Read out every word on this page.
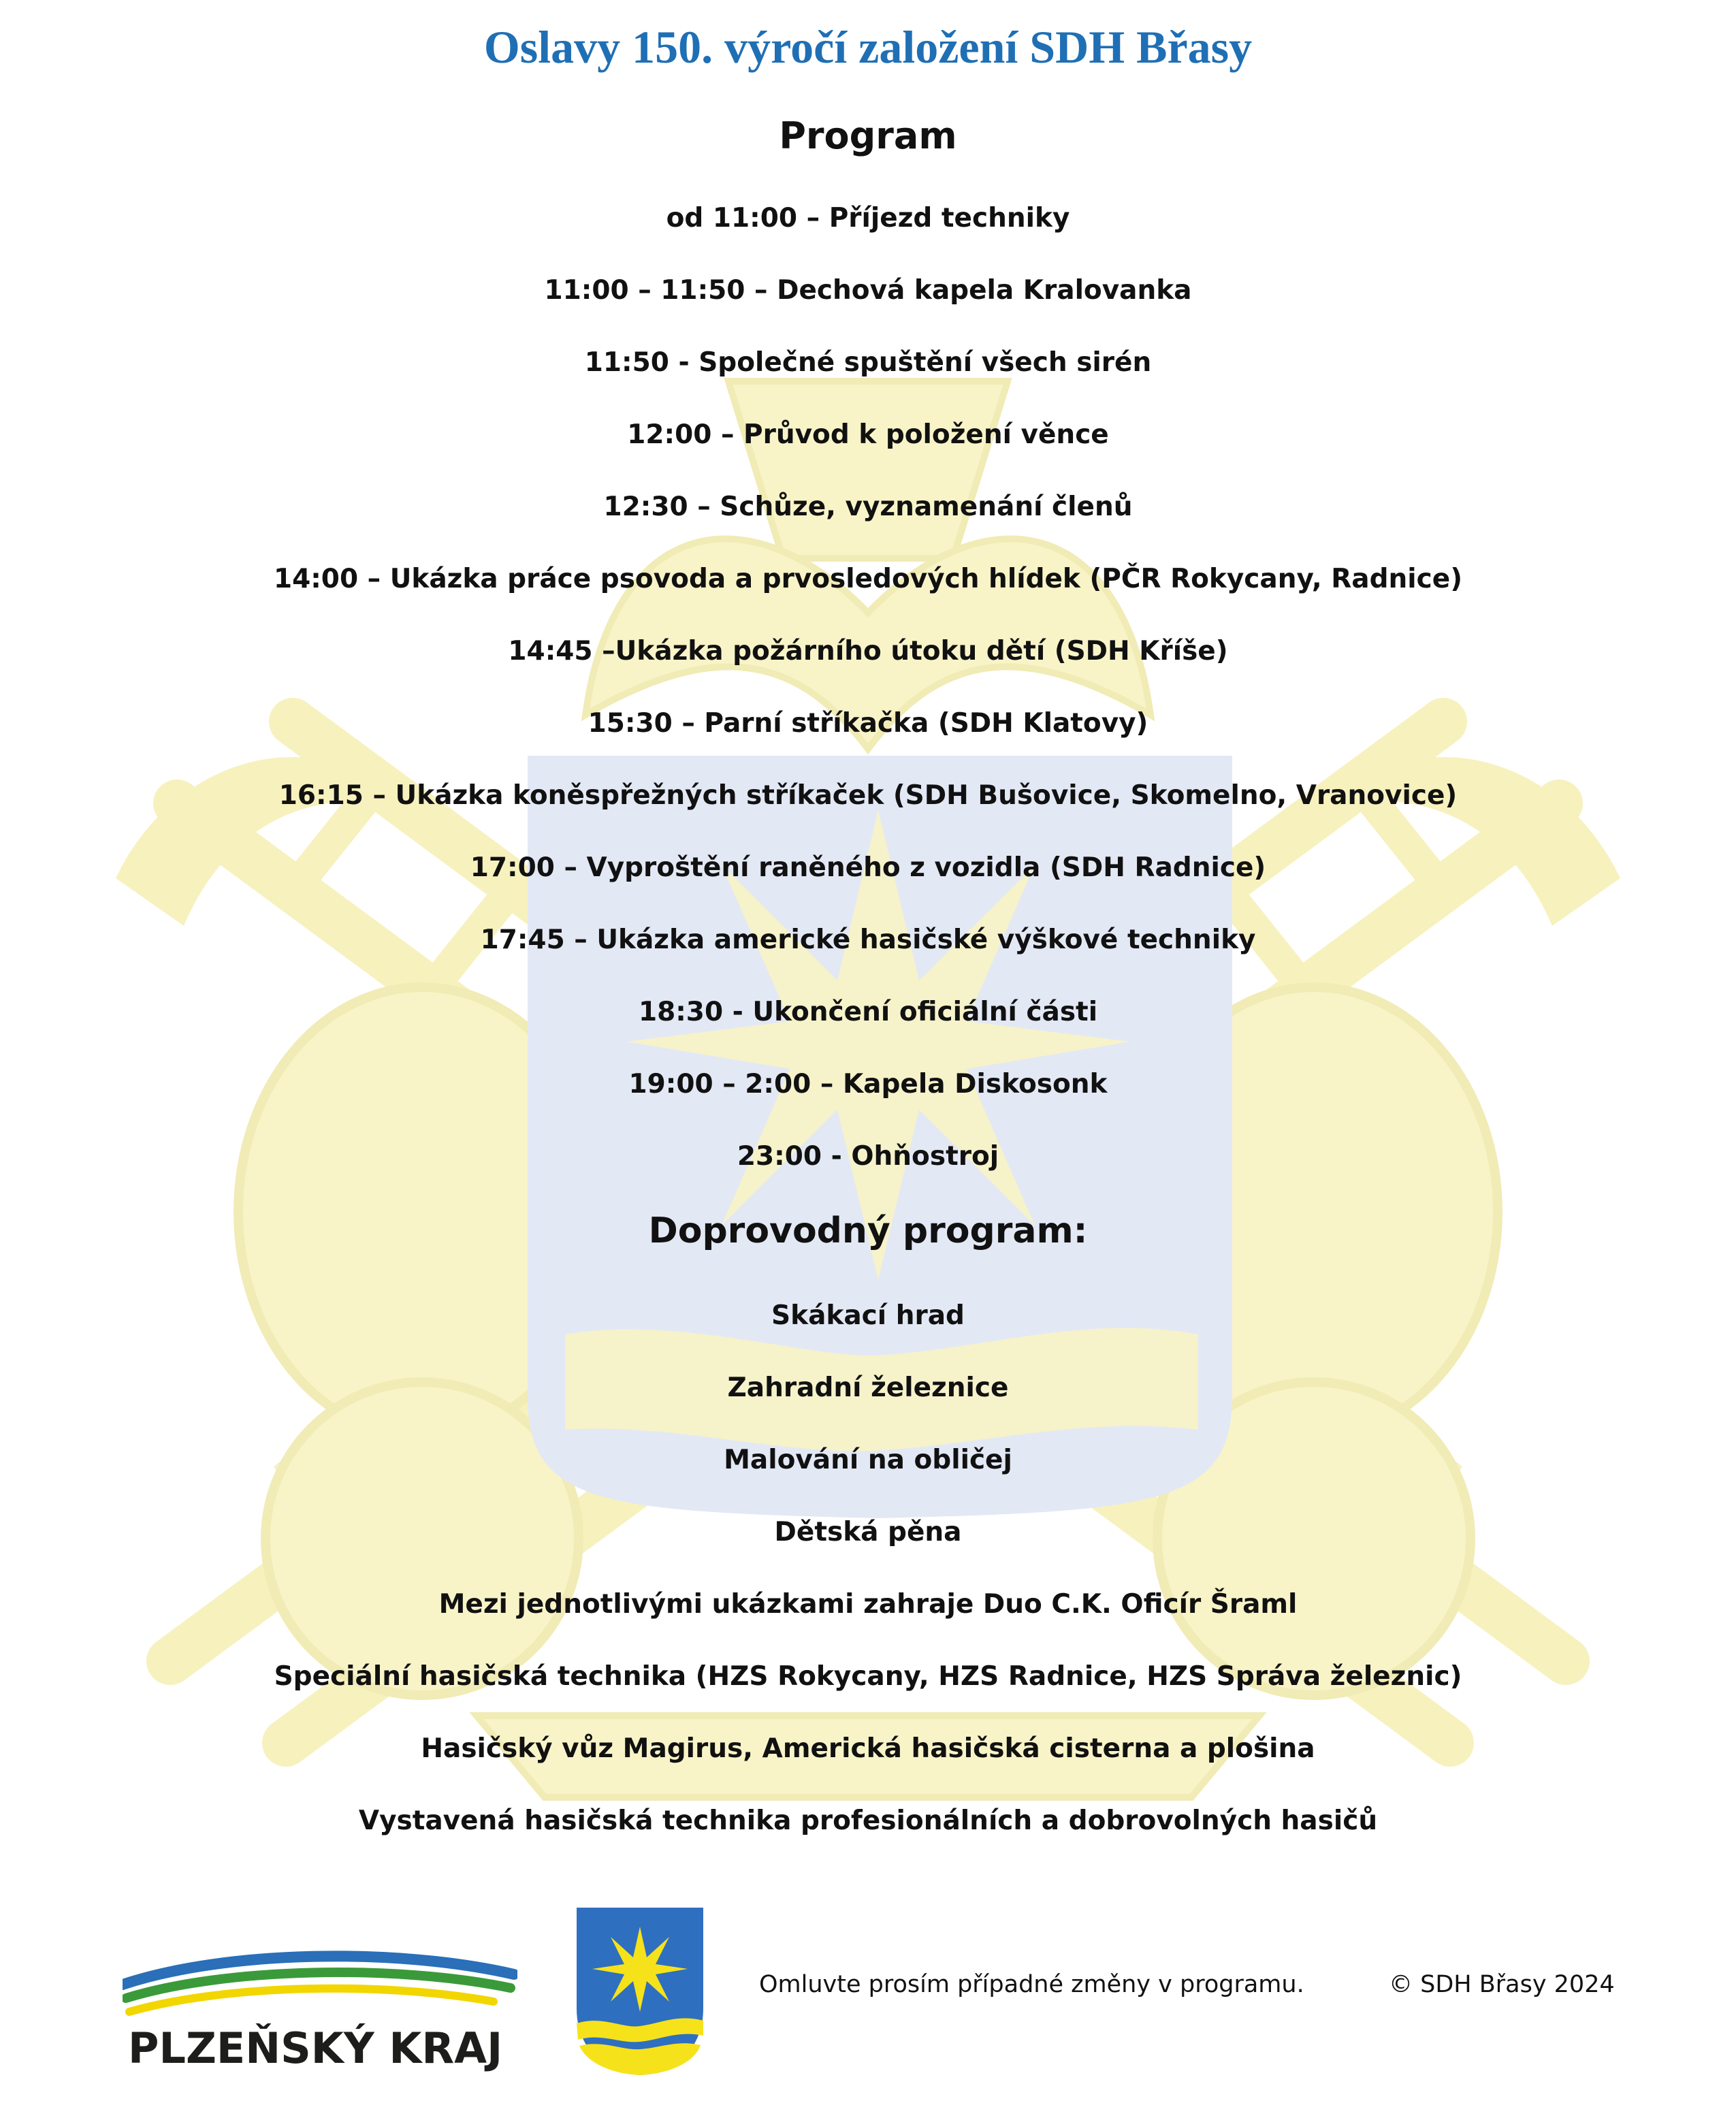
Oslavy 150. výročí založení SDH Břasy
Program
od 11:00 – Příjezd techniky
11:00 – 11:50 – Dechová kapela Kralovanka
11:50 - Společné spuštění všech sirén
12:00 – Průvod k položení věnce
12:30 – Schůze, vyznamenání členů
14:00 – Ukázka práce psovoda a prvosledových hlídek (PČR Rokycany, Radnice)
14:45 –Ukázka požárního útoku dětí (SDH Kříše)
15:30 – Parní stříkačka (SDH Klatovy)
16:15 – Ukázka koněspřežných stříkaček (SDH Bušovice, Skomelno, Vranovice)
17:00 – Vyproštění raněného z vozidla (SDH Radnice)
17:45 – Ukázka americké hasičské výškové techniky
18:30 - Ukončení oficiální části
19:00 – 2:00 – Kapela Diskosonk
23:00 - Ohňostroj
Doprovodný program:
Skákací hrad
Zahradní železnice
Malování na obličej
Dětská pěna
Mezi jednotlivými ukázkami zahraje Duo C.K. Oficír Šraml
Speciální hasičská technika (HZS Rokycany, HZS Radnice, HZS Správa železnic)
Hasičský vůz Magirus, Americká hasičská cisterna a plošina
Vystavená hasičská technika profesionálních a dobrovolných hasičů
PLZEŇSKÝ KRAJ
Omluvte prosím případné změny v programu.	© SDH Břasy 2024
